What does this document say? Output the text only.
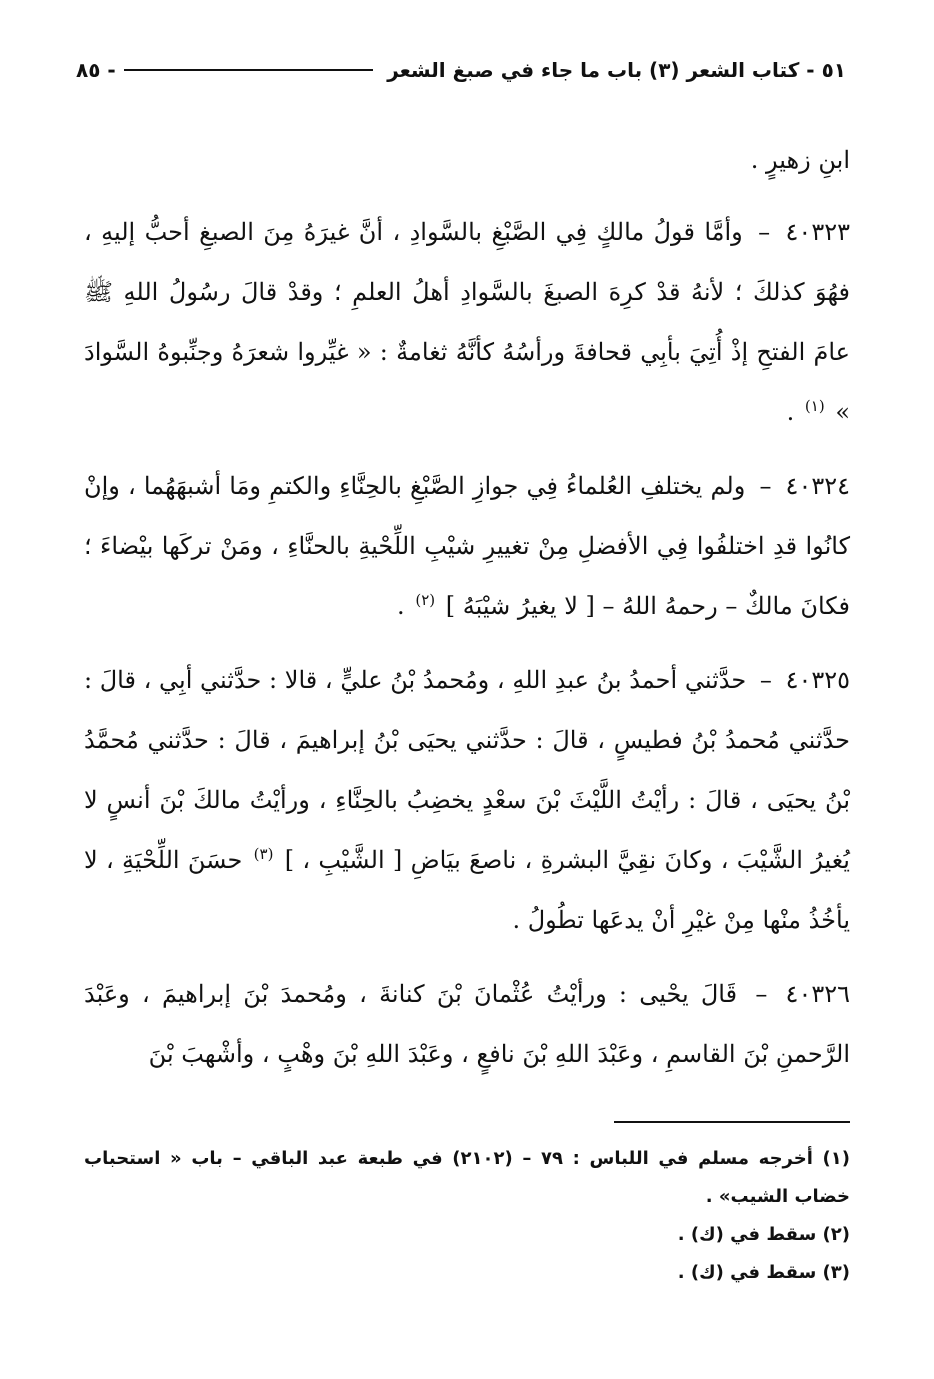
٥١ - كتاب الشعر (٣) باب ما جاء في صبغ الشعر
- ٨٥

ابنِ زهيرٍ .

٤٠٣٢٣ – وأمَّا قولُ مالكٍ فِي الصَّبْغِ بالسَّوادِ ، أنَّ غيرَهُ مِنَ الصبغِ أحبُّ إليهِ ، فهُوَ كذلكَ ؛ لأنهُ قدْ كرِهَ الصبغَ بالسَّوادِ أهلُ العلمِ ؛ وقدْ قالَ رسُولُ اللهِ ﷺ عامَ الفتحِ إذْ أُتِيَ بأبِي قحافةَ ورأسُهُ كأنَّهُ ثغامةٌ : « غيِّروا شعرَهُ وجنِّبوهُ السَّوادَ » $^{(١)}$ .

٤٠٣٢٤ – ولم يختلفِ العُلماءُ فِي جوازِ الصَّبْغِ بالحِنَّاءِ والكتمِ ومَا أشبهَهُما ، وإنْ كانُوا قدِ اختلفُوا فِي الأفضلِ مِنْ تغييرِ شيْبِ اللِّحْيةِ بالحنَّاءِ ، ومَنْ تركَها بيْضاءَ ؛ فكانَ مالكٌ – رحمهُ اللهُ – [ لا يغيرُ شيْبَهُ ] $^{(٢)}$ .

٤٠٣٢٥ – حدَّثني أحمدُ بنُ عبدِ اللهِ ، ومُحمدُ بْنُ عليٍّ ، قالا : حدَّثني أبِي ، قالَ : حدَّثني مُحمدُ بْنُ فطيسٍ ، قالَ : حدَّثني يحيَى بْنُ إبراهيمَ ، قالَ : حدَّثني مُحمَّدُ بْنُ يحيَى ، قالَ : رأيْتُ اللَّيْثَ بْنَ سعْدٍ يخضِبُ بالحِنَّاءِ ، ورأيْتُ مالكَ بْنَ أنسٍ لا يُغيرُ الشَّيْبَ ، وكانَ نقِيَّ البشرةِ ، ناصعَ بيَاضِ [ الشَّيْبِ ، ] $^{(٣)}$ حسَنَ اللِّحْيَةِ ، لا يأخُذُ منْها مِنْ غيْرِ أنْ يدعَها تطُولُ .

٤٠٣٢٦ – قَالَ يحْيى : ورأيْتُ عُثْمانَ بْنَ كنانةَ ، ومُحمدَ بْنَ إبراهيمَ ، وعَبْدَ الرَّحمنِ بْنَ القاسمِ ، وعَبْدَ اللهِ بْنَ نافعٍ ، وعَبْدَ اللهِ بْنَ وهْبٍ ، وأشْهبَ بْنَ

(١) أخرجه مسلم في اللباس : ٧٩ – (٢١٠٢) في طبعة عبد الباقي – باب « استحباب خضاب الشيب» .

(٢) سقط في (ك) .

(٣) سقط في (ك) .
